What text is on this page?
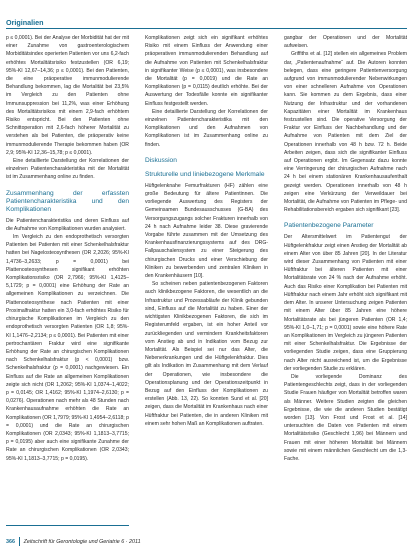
Originalien

p ≤ 0,0001). Bei der Analyse der Morbidität hat der mit einer Zunahme von gastroenterologischem Morbiditätsindex operierten Patienten vor uns 6,2-fach erhöhtes Mortalitätsrisiko festzustellen (OR 6,19; 95%-KI 12,67–14,36; p ≤ 0,0001). Bei den Patienten, die eine präoperative immunmodulierende Behandlung bekommen, lag die Mortalität bei 23,5% im Vergleich zu den Patienten ohne Immunsuppression bei 11,2%, was einer Erhöhung des Mortalitätsrisikos mit einem 2,9-fach erhöhtem Risiko entspricht. Bei den Patienten ohne Schnittoperation mit 2,6-fach höherer Mortalität zu verstehen als bei Patienten, die präoperativ keine immunmodulierende Therapie bekommen haben (OR 2,9; 95%-KI 12,36–15,78; p ≤ 0,0001).

Eine detaillierte Darstellung der Korrelationen der einzelnen Patientencharakteristika mit der Mortalität ist im Zusammenhang online zu finden.

Zusammenhang der erfassten Patientencharakteristika und den Komplikationen

Die Patientencharakteristika und deren Einfluss auf die Aufnahme von Komplikationen wurden analysiert.

Im Vergleich zu den endoprothetisch versorgten Patienten bei Patienten mit einer Schenkelhalsfraktur hatten bei Nagelosteosynthesen (OR 2,2026; 95%-KI 1,4736–3,2633; p = 0,0001) bei Plattenosteosynthesen signifikant erhöhten Komplikationsrisiko (OR 2,7966; 95%-KI 1,4125–5,1729; p = 0,0001) eine Erhöhung der Rate an allgemeinen Komplikationen zu verzeichnen. Die Plattenosteosynthese nach Patienten mit einer Proximalfraktur hatten ein 3,0-fach erhöhtes Risiko für chirurgische Komplikationen im Vergleich zu den endoprothetisch versorgten Patienten (OR 1,8; 95%-KI 1,1476–2,2134; p ≤ 0,0001). Bei Patienten mit einer pertrochantären Fraktur wird eine signifikante Erhöhung der Rate an chirurgischen Komplikationen nach Schenkelhalsfraktur (p < 0,0001) bzw. Schenkelhalsfraktur (p = 0,0001) nachgewiesen. Ein Einfluss auf die Rate an allgemeinen Komplikationen zeigte sich nicht (OR 1,2062; 95%-KI 1,0374–1,4022; p = 0,0145; OR 1,4162; 95%-KI 1,1974–2,6130; p = 0,0276). Operationen nach mehr als 48 Stunden nach Krankenhausaufnahme erhöhten die Rate an Komplikationen (OR 1,7979; 95%-KI 1,4954–2,6118; p = 0,0001) und die Rate an chirurgischen Komplikationen (OR 2,0343; 95%-KI 1,1813–3,7715; p = 0,0195) aber auch eine signifikante Zunahme der Rate an chirurgischen Komplikationen (OR 2,0343; 95%-KI 1,1813–3,7715; p = 0,0195).

Komplikationen zeigt sich ein signifikant erhöhtes Risiko mit einem Einfluss der Anwendung einer präoperativen immunmodulierenden Behandlung auf die Aufnahme von Patienten mit Schenkelhalsfraktur in signifikanter Weise (p ≤ 0,0001), was insbesondere die Mortalität (p = 0,0019) und die Rate an Komplikationen (p = 0,0115) deutlich erhöhte. Bei der Auswertung der Todesfälle konnte ein signifikanter Einfluss festgestellt werden.

Eine detaillierte Darstellung der Korrelationen der einzelnen Patientencharakteristika mit den Komplikationen und den Aufnahmen von Komplikationen ist im Zusammenhang online zu finden.

Diskussion
Strukturelle und liniebezogene Merkmale

Hüftgelenknahe Femurfrakturen (HF) zählen eine große Bedeutung für ältere Patientinnen. Die vorliegende Auswertung des Registers der Gemeinsamen Bundesausschusses (G-BA) des Versorgungszugangs solcher Frakturen innerhalb von 24 h nach Aufnahme leider 38. Diese gravierende Vorgabe führte zusammen mit der Umsetzung des Krankenhausfinanzierungssystems auf des DRG-Fallpauschalensystem zu einer Steigerung des chirurgischen Drucks und einer Verschiebung der Kliniken zu bewerbenden und zentralen Kliniken in den Krankenhäusern [10].

So scheinen neben patientenbezogenen Faktoren auch klinikbezogene Faktoren, die wesentlich an die Infrastruktur und Prozessabläufe der Klinik gebunden sind, Einfluss auf die Mortalität zu haben. Einer der wichtigsten Klinikbezogenen Faktoren, die sich im Registerumfeld ergaben, ist ein hoher Anteil vor zurückliegenden und vermindern Krankheitsfaktoren vom Anstieg ab und in Indikation vom Bezug zur Mortalität. Als Beispiel sei nur das Alter, die Nebenerkrankungen und die Hüftgelenkfraktur. Dies gilt als Indikation im Zusammenhang mit dem Verlauf der Operationen, wie insbesondere die Operationsplanung und der Operationszeitpunkt in Bezug auf den Einfluss der Komplikationen zu erstellen (Abb. 13, 22). So konnten Sund et al. [20] zeigen, dass die Mortalität im Krankenhaus nach einer Hüftfraktur bei Patienten, die in anderen Kliniken mit einem sehr hohen Maß an Komplikationen auftraten.

gangbar der Operationen und der Mortalität aufweisen.

Griffiths et al. [12] stellen ein allgemeines Problem dar, „Patientenaufnahme“ auf. Die Autoren konnten belegen, dass eine geringere Patientenversorgung aufgrund von immunmodulierender Nebenwirkungen von einer schnelleren Aufnahme von Operationen kann. Sie kommen zu dem Ergebnis, dass einer Nutzung der Infrastruktur und der vorhandenen Kapazitäten einer Mortalität im Krankenhaus festzustellen sind. Die operative Versorgung der Fraktur vor Einfluss der Nachbehandlung und der Aufnahme von Patienten mit dem Ziel der Operationen innerhalb von 48 h bzw. 72 h. Beide Arbeiten zeigen, dass sich die signifikanter Einfluss auf Operationen ergibt. Im Gegensatz dazu konnte eine Verringerung der chirurgischen Aufnahme nach 24 h bei einem stationären Krankenhausaufenthalt gezeigt werden. Operationen innerhalb von 48 h zeigen eine Verkürzung der Verweildauer bei Mortalität, die Aufnahme von Patienten im Pflege- und Rehabilitationsbereich ergaben sich signifikant [23].

Patientenbezogene Parameter

Der Altersmittelwert im Patientengut der Hüftgelenkfraktur zeigt einen Anstieg der Mortalität ab einem Alter von über 85 Jahren [20]. In der Literatur wird dieser Zusammenhang von Patienten mit einer Hüftfraktur bei älteren Patienten mit einer Mortalitätsrate von 24 % nach der Aufnahme erhöht. Auch das Risiko einer Komplikation bei Patienten mit Hüftfraktur nach einem Jahr erhöht sich signifikant mit dem Alter. In unserer Untersuchung zeigen Patienten mit einem Alter über 85 Jahren eine höhere Mortalitätsrate als bei jüngeren Patienten (OR 1,4; 95%-KI 1,0–1,71; p = 0,0001) sowie eine höhere Rate an Komplikationen im Vergleich zu jüngeren Patienten mit einer Schenkelhalsfraktur. Die Ergebnisse der vorliegenden Studie zeigen, dass eine Gruppierung nach Alter nicht ausreichend ist, um die Ergebnisse der vorliegenden Studie zu erklären.

Die vorliegende Dominanz des Patientengeschlechts zeigt, dass in der vorliegenden Studie Frauen häufiger von Mortalität betroffen waren als Männer. Weitere Studien zeigten die gleichen Ergebnisse, die wie die anderen Studien bestätigt worden [13]. Von Frost und Frost et al. [14] untersuchten die Daten von Patienten mit einem Mortalitätsrisiko (Geschlecht 1,96) bei Männern und Frauen mit einer höheren Mortalität bei Männern sowie mit einem männlichen Geschlecht um die 1,3-Fache.

366 Zeitschrift für Gerontologie und Geriatrie 6 · 2011
